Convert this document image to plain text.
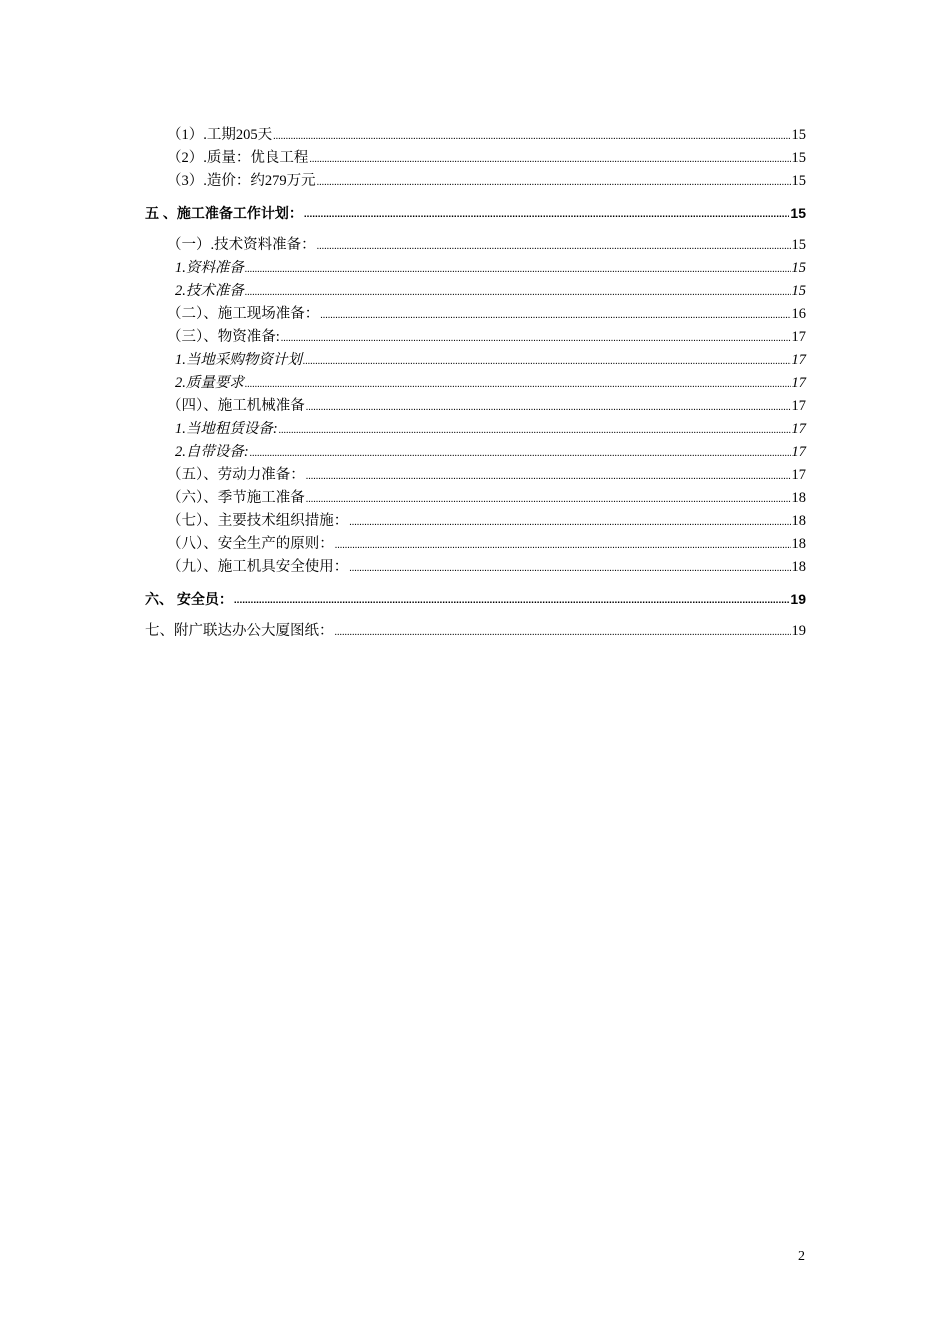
（1）.工期205天 .....	15
（2）.质量：优良工程 .....	15
（3）.造价：约279万元 .....	15
五 、施工准备工作计划： .....	15
（一）.技术资料准备： .....	15
1.资料准备 .....	15
2.技术准备 .....	15
（二）、施工现场准备： .....	16
（三）、物资准备: .....	17
1.当地采购物资计划 .....	17
2.质量要求 .....	17
（四）、施工机械准备 .....	17
1.当地租赁设备: .....	17
2.自带设备: .....	17
（五）、劳动力准备： .....	17
（六）、季节施工准备 .....	18
（七）、主要技术组织措施： .....	18
（八）、安全生产的原则： .....	18
（九）、施工机具安全使用： .....	18
六、 安全员： .....	19
七、附广联达办公大厦图纸： .....	19
2
